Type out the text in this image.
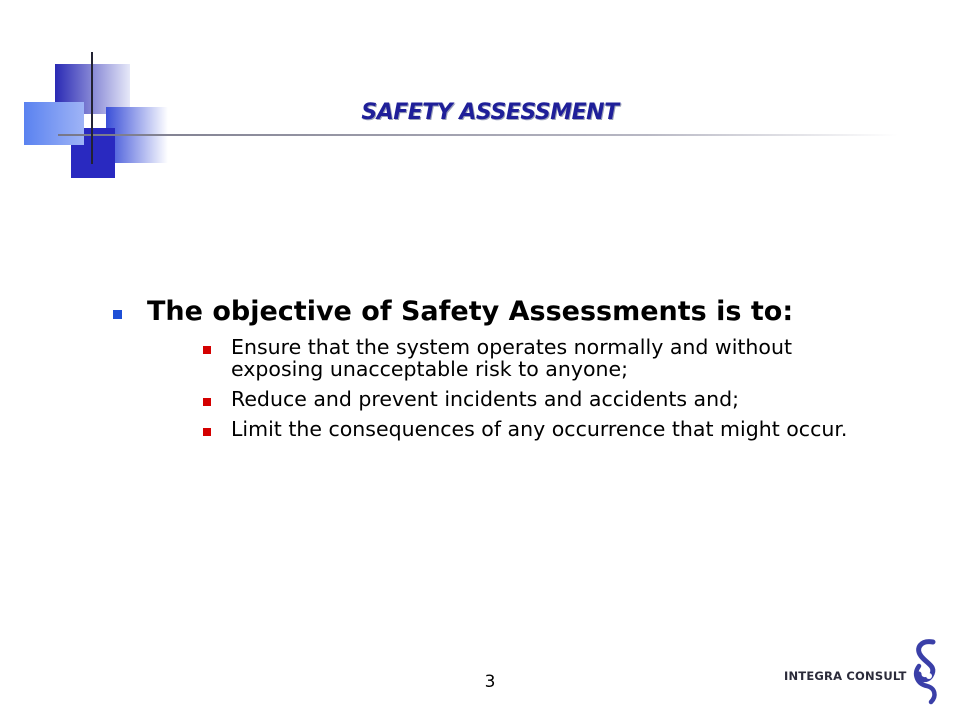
SAFETY ASSESSMENT
The objective of Safety Assessments is to:
Ensure that the system operates normally and without exposing unacceptable risk to anyone;
Reduce and prevent incidents and accidents and;
Limit the consequences of any occurrence that might occur.
3	INTEGRA CONSULT
